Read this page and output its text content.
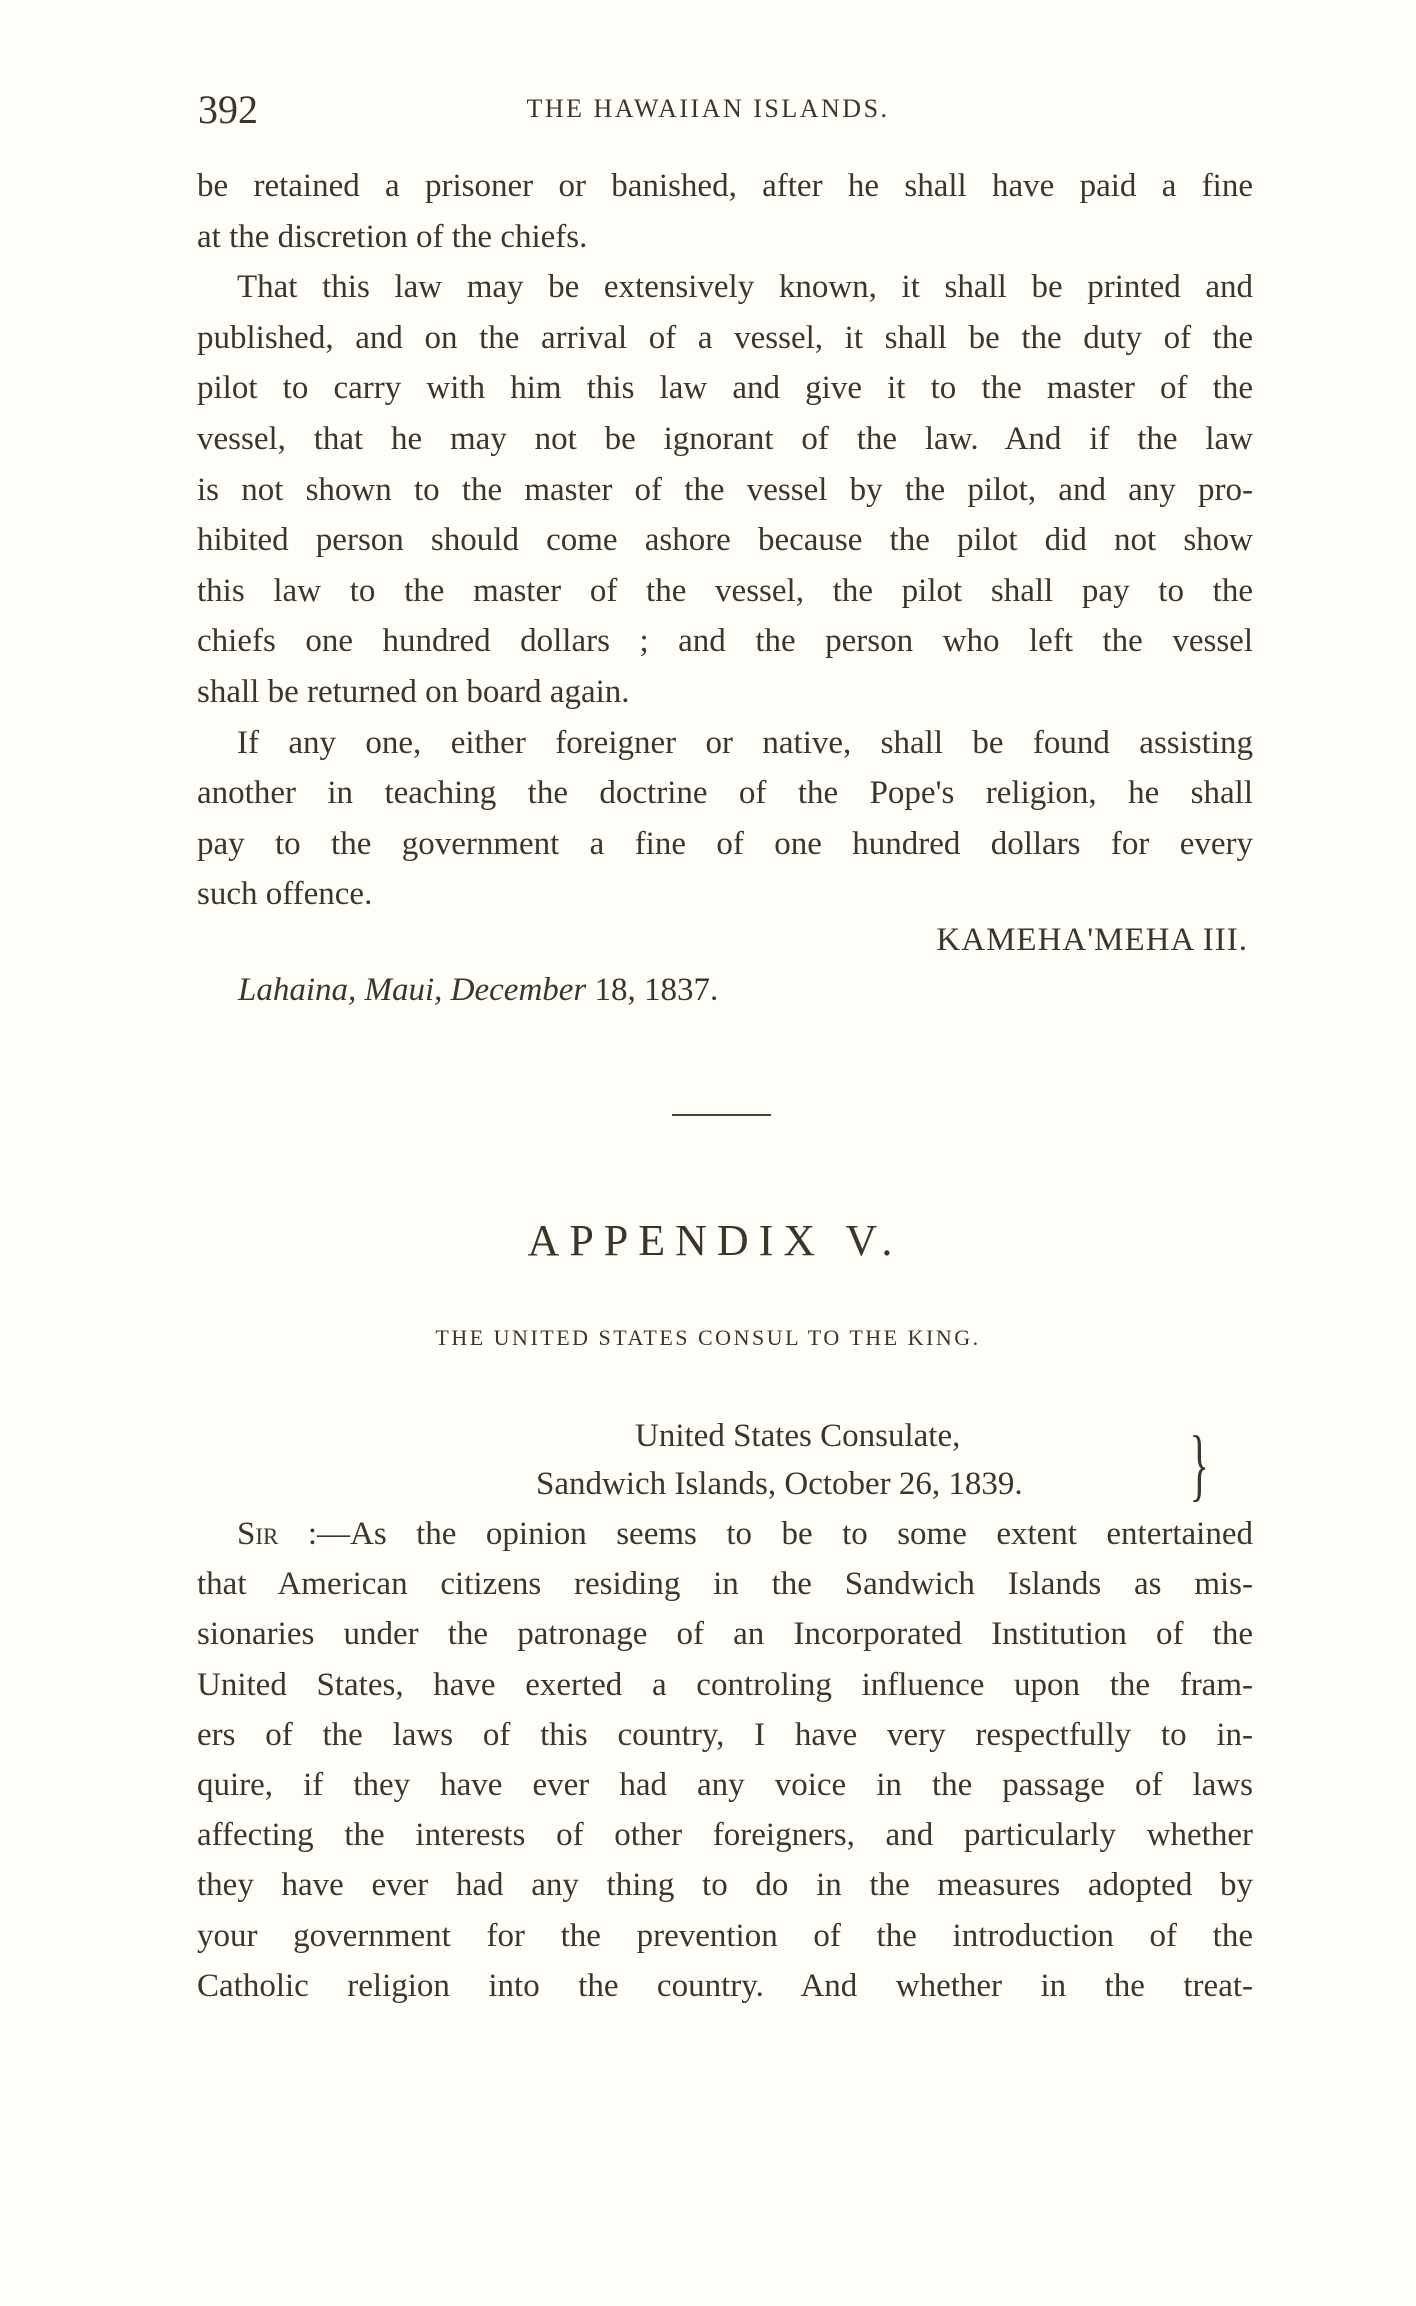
392	THE HAWAIIAN ISLANDS.
be retained a prisoner or banished, after he shall have paid a fine
at the discretion of the chiefs.
That this law may be extensively known, it shall be printed and
published, and on the arrival of a vessel, it shall be the duty of the
pilot to carry with him this law and give it to the master of the
vessel, that he may not be ignorant of the law. And if the law
is not shown to the master of the vessel by the pilot, and any pro-
hibited person should come ashore because the pilot did not show
this law to the master of the vessel, the pilot shall pay to the
chiefs one hundred dollars ; and the person who left the vessel
shall be returned on board again.
If any one, either foreigner or native, shall be found assisting
another in teaching the doctrine of the Pope's religion, he shall
pay to the government a fine of one hundred dollars for every
such offence.
KAMEHA'MEHA III.
Lahaina, Maui, December 18, 1837.
APPENDIX V.
THE UNITED STATES CONSUL TO THE KING.
United States Consulate,
Sandwich Islands, October 26, 1839. }
Sir :—As the opinion seems to be to some extent entertained
that American citizens residing in the Sandwich Islands as mis-
sionaries under the patronage of an Incorporated Institution of the
United States, have exerted a controling influence upon the fram-
ers of the laws of this country, I have very respectfully to in-
quire, if they have ever had any voice in the passage of laws
affecting the interests of other foreigners, and particularly whether
they have ever had any thing to do in the measures adopted by
your government for the prevention of the introduction of the
Catholic religion into the country. And whether in the treat-
